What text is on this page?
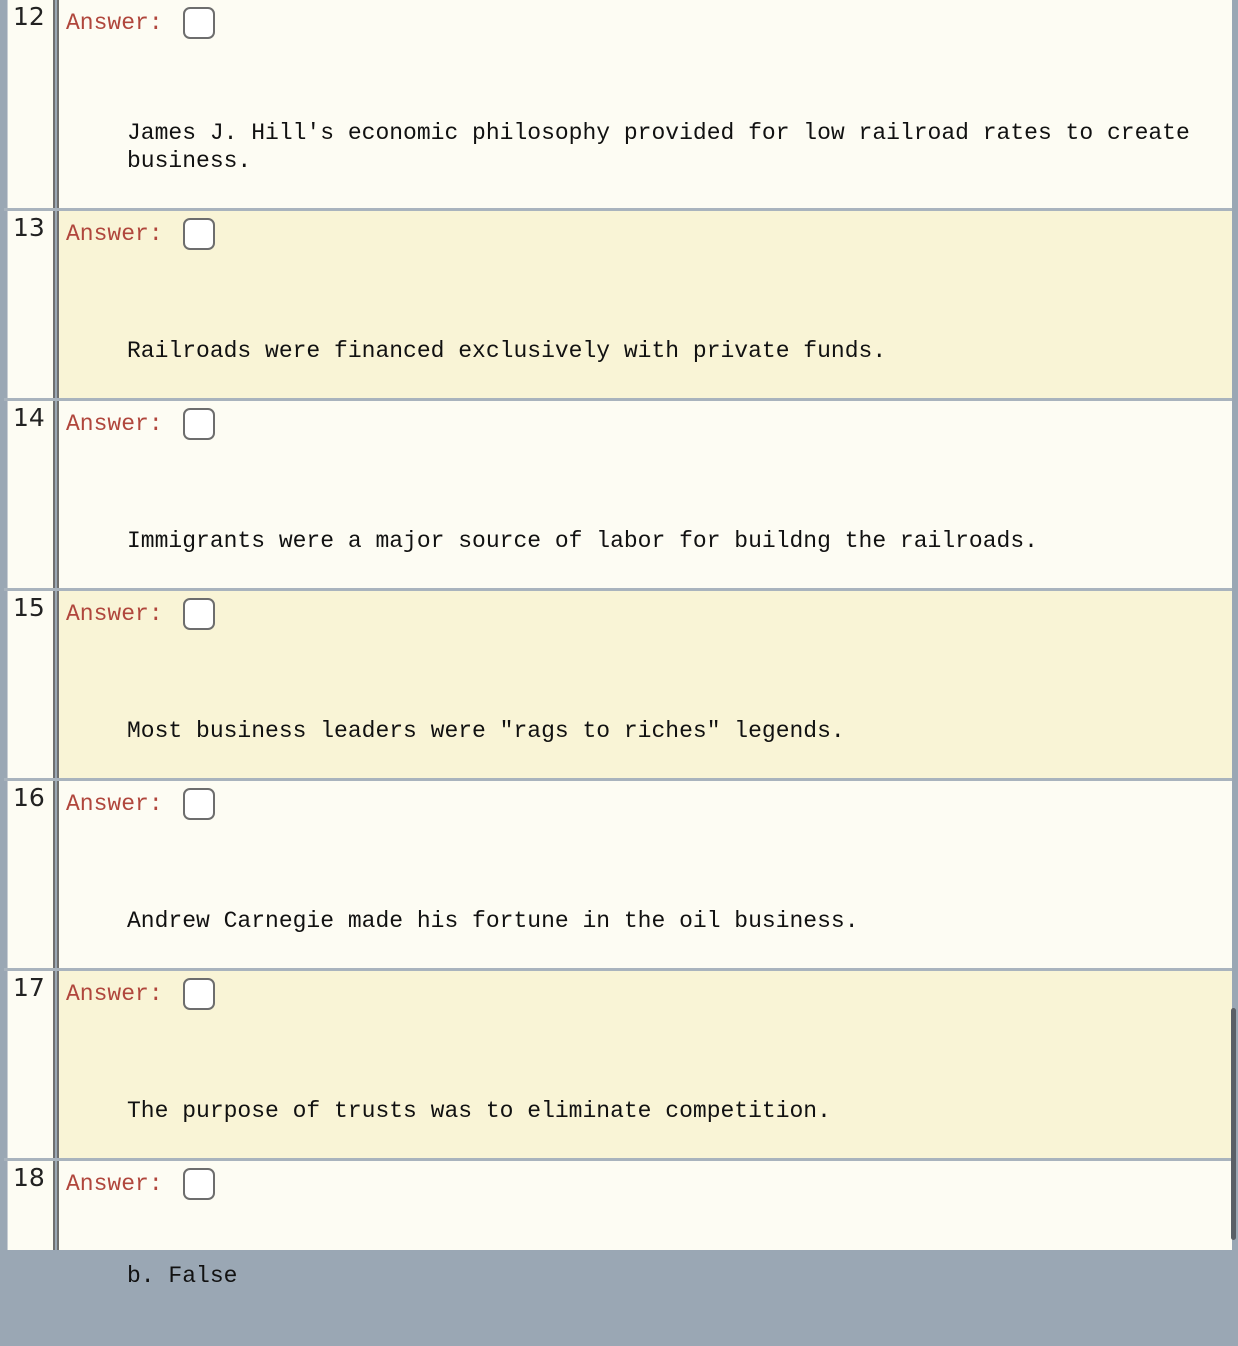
12 Answer:

James J. Hill's economic philosophy provided for low railroad rates to create business.

13 Answer:

Railroads were financed exclusively with private funds.

14 Answer:

Immigrants were a major source of labor for buildng the railroads.

15 Answer:

Most business leaders were "rags to riches" legends.

16 Answer:

Andrew Carnegie made his fortune in the oil business.

17 Answer:

The purpose of trusts was to eliminate competition.

b. False

18 Answer:
